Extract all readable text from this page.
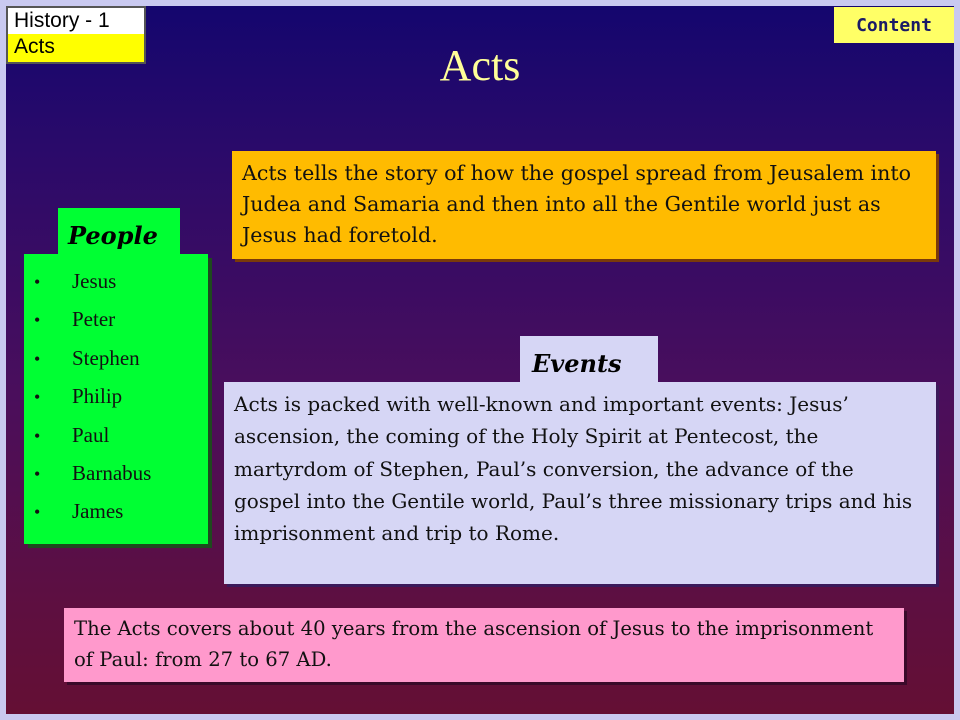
History - 1
Acts
Content
Acts
Acts tells the story of how the gospel spread from Jeusalem into Judea and Samaria and then into all the Gentile world just as Jesus had foretold.
People
• Jesus
• Peter
• Stephen
• Philip
• Paul
• Barnabus
• James
Events
Acts is packed with well-known and important events: Jesus’ ascension, the coming of the Holy Spirit at Pentecost, the martyrdom of Stephen, Paul’s conversion, the advance of the gospel into the Gentile world, Paul’s three missionary trips and his imprisonment and trip to Rome.
The Acts covers about 40 years from the ascension of Jesus to the imprisonment of Paul: from 27 to 67 AD.
